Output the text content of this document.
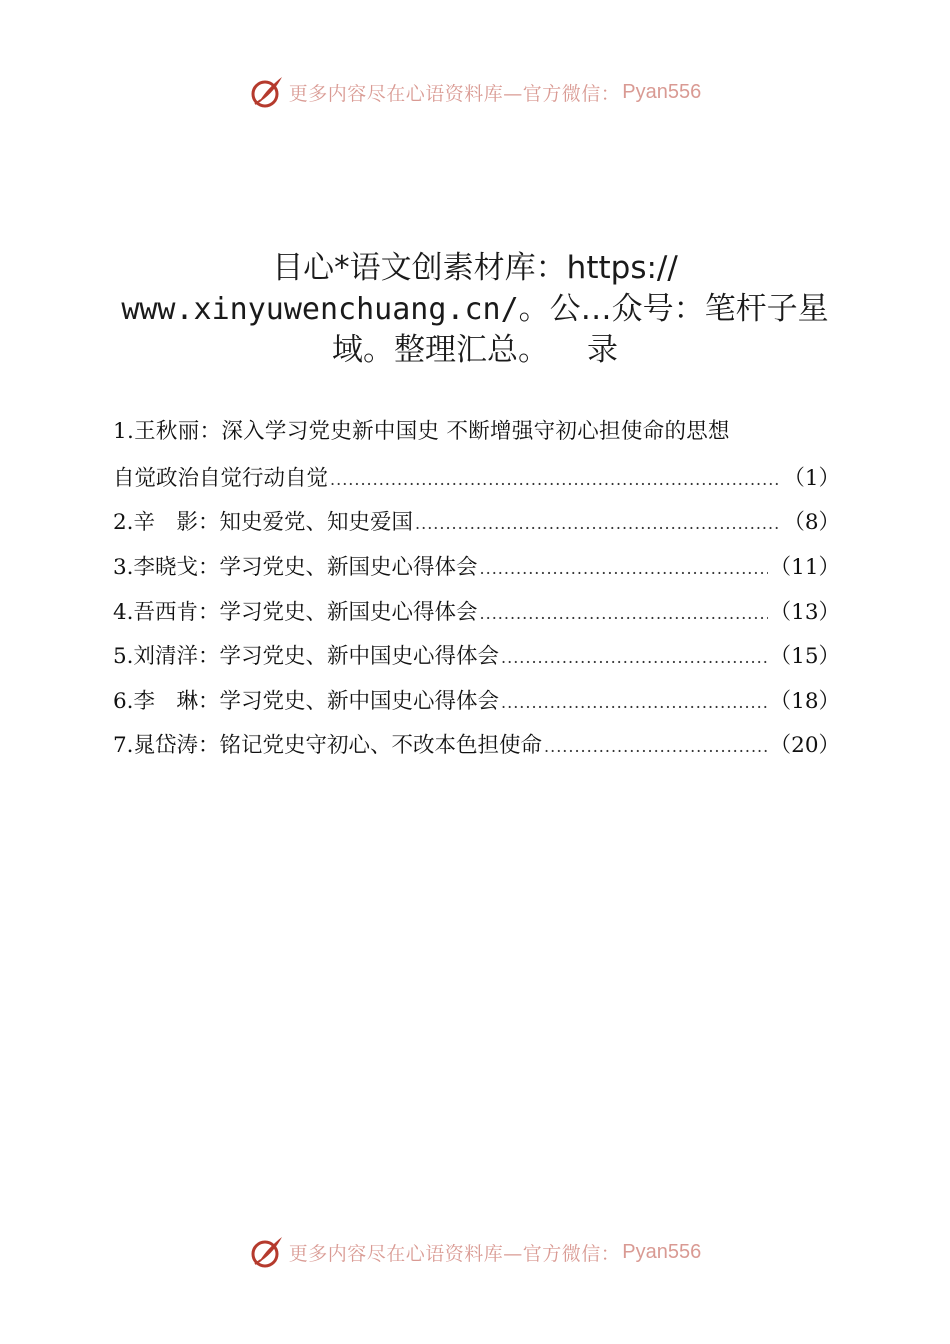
更多内容尽在心语资料库—官方微信： Pyan556
目心*语文创素材库：https://
www.xinyuwenchuang.cn/。公…众号：笔杆子星
域。整理汇总。 录
1.王秋丽：深入学习党史新中国史 不断增强守初心担使命的思想
自觉政治自觉行动自觉 .....	（1）
2.辛　影：知史爱党、知史爱国 .....	（8）
3.李晓戈：学习党史、新国史心得体会 .....	（11）
4.吾西肯：学习党史、新国史心得体会 .....	（13）
5.刘清洋：学习党史、新中国史心得体会 .....	（15）
6.李　琳：学习党史、新中国史心得体会 .....	（18）
7.晁岱涛：铭记党史守初心、不改本色担使命 .....	（20）
更多内容尽在心语资料库—官方微信： Pyan556
